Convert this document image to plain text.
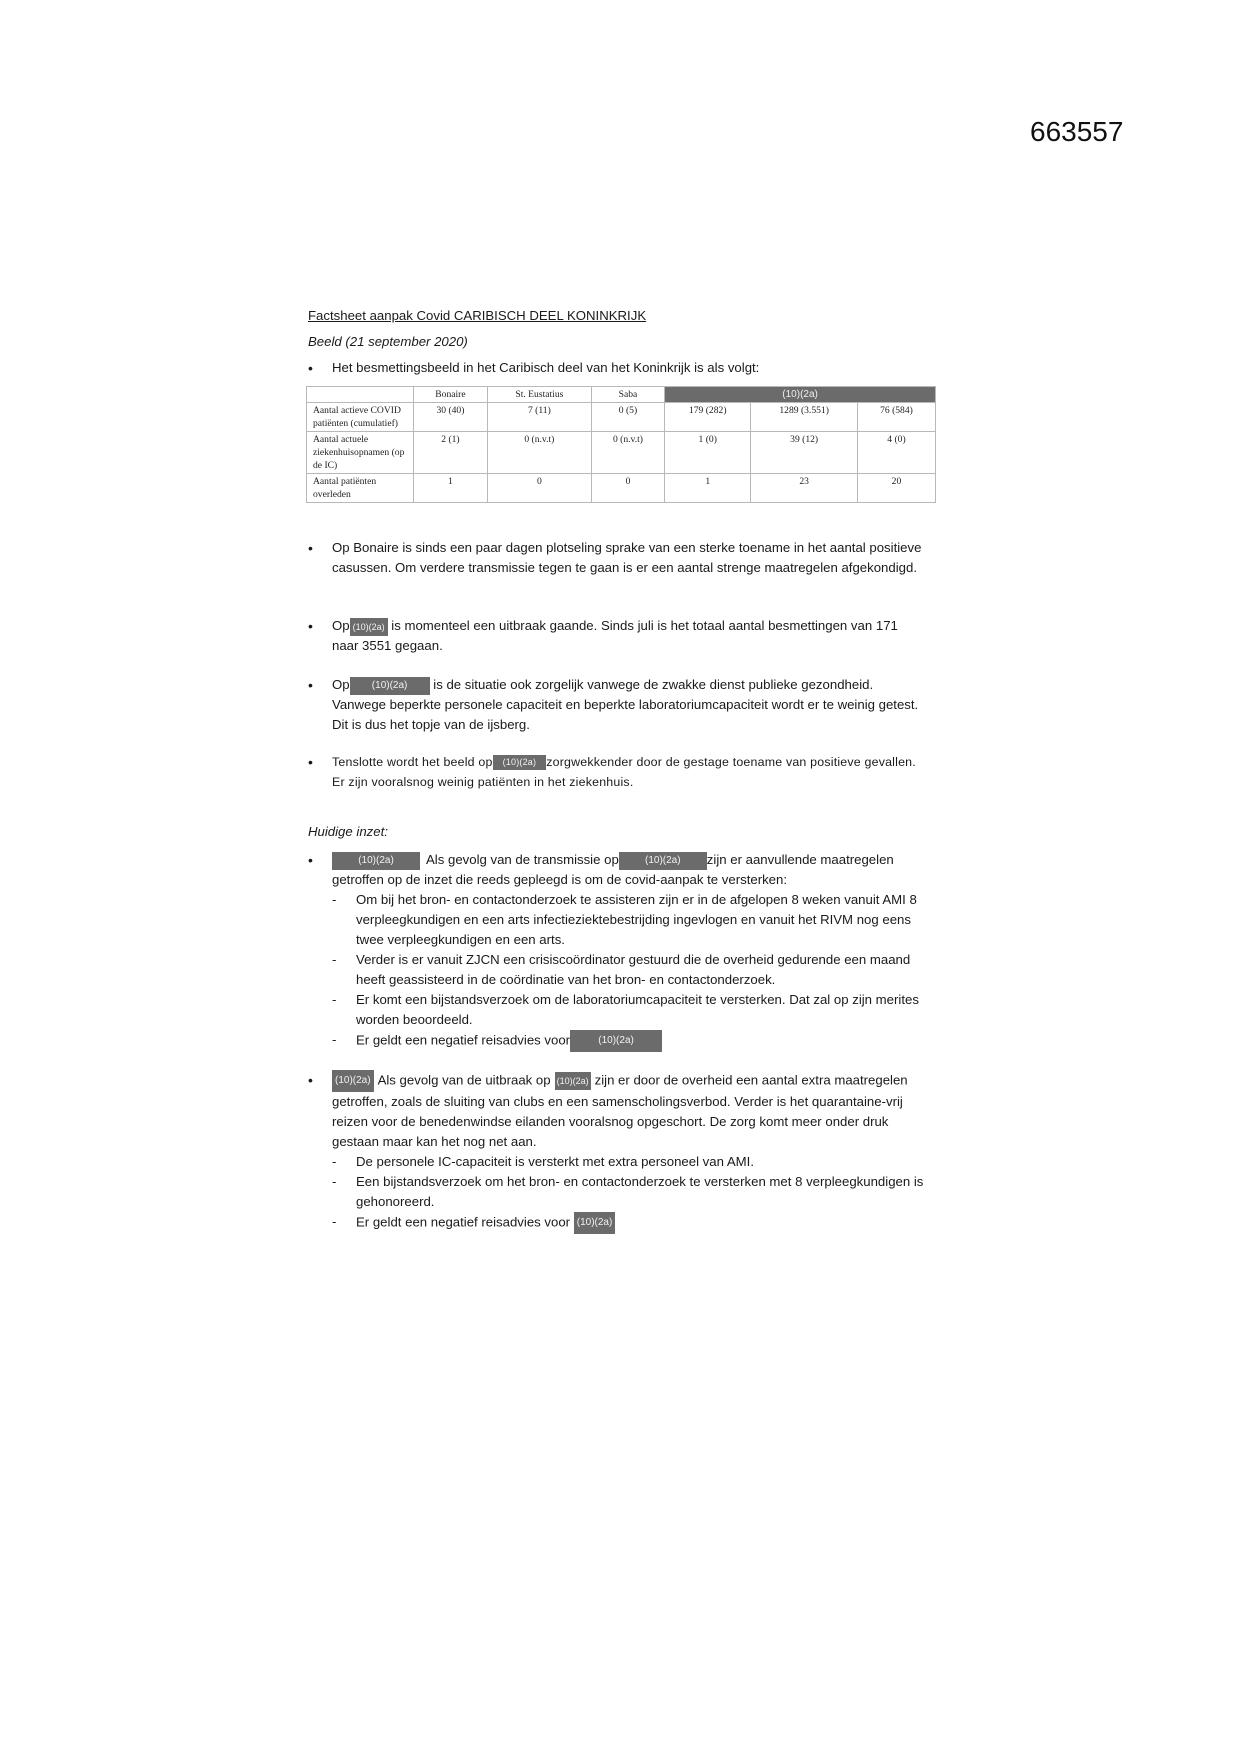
663557
Factsheet aanpak Covid CARIBISCH DEEL KONINKRIJK
Beeld (21 september 2020)
• Het besmettingsbeeld in het Caribisch deel van het Koninkrijk is als volgt:

	Bonaire	St. Eustatius	Saba	(10)(2a)		
Aantal actieve COVID patiënten (cumulatief)	30 (40)	7 (11)	0 (5)	179 (282)	1289 (3.551)	76 (584)
Aantal actuele ziekenhuisopnamen (op de IC)	2 (1)	0 (n.v.t)	0 (n.v.t)	1 (0)	39 (12)	4 (0)
Aantal patiënten overleden	1	0	0	1	23	20
• Op Bonaire is sinds een paar dagen plotseling sprake van een sterke toename in het aantal positieve casussen. Om verdere transmissie tegen te gaan is er een aantal strenge maatregelen afgekondigd.

• Op (10)(2a) is momenteel een uitbraak gaande. Sinds juli is het totaal aantal besmettingen van 171 naar 3551 gegaan.

• Op (10)(2a) is de situatie ook zorgelijk vanwege de zwakke dienst publieke gezondheid. Vanwege beperkte personele capaciteit en beperkte laboratoriumcapaciteit wordt er te weinig getest. Dit is dus het topje van de ijsberg.

• Tenslotte wordt het beeld op (10)(2a) zorgwekkender door de gestage toename van positieve gevallen. Er zijn vooralsnog weinig patiënten in het ziekenhuis.

Huidige inzet:
•	(10)(2a) Als gevolg van de transmissie op	(10)(2a) zijn er aanvullende maatregelen getroffen op de inzet die reeds gepleegd is om de covid-aanpak te versterken:

- Om bij het bron- en contactonderzoek te assisteren zijn er in de afgelopen 8 weken vanuit AMI 8 verpleegkundigen en een arts infectieziektebestrijding ingevlogen en vanuit het RIVM nog eens twee verpleegkundigen en een arts.
- Verder is er vanuit ZJCN een crisiscoördinator gestuurd die de overheid gedurende een maand heeft geassisteerd in de coördinatie van het bron- en contactonderzoek.
- Er komt een bijstandsverzoek om de laboratoriumcapaciteit te versterken. Dat zal op zijn merites worden beoordeeld.
- Er geldt een negatief reisadvies voor	(10)(2a)
•	(10)(2a) Als gevolg van de uitbraak op (10)(2a) zijn er door de overheid een aantal extra maatregelen getroffen, zoals de sluiting van clubs en een samenscholingsverbod. Verder is het quarantaine-vrij reizen voor de benedenwindse eilanden vooralsnog opgeschort. De zorg komt meer onder druk gestaan maar kan het nog net aan.

- De personele IC-capaciteit is versterkt met extra personeel van AMI.
- Een bijstandsverzoek om het bron- en contactonderzoek te versterken met 8 verpleegkundigen is gehonoreerd.
- Er geldt een negatief reisadvies voor (10)(2a)
